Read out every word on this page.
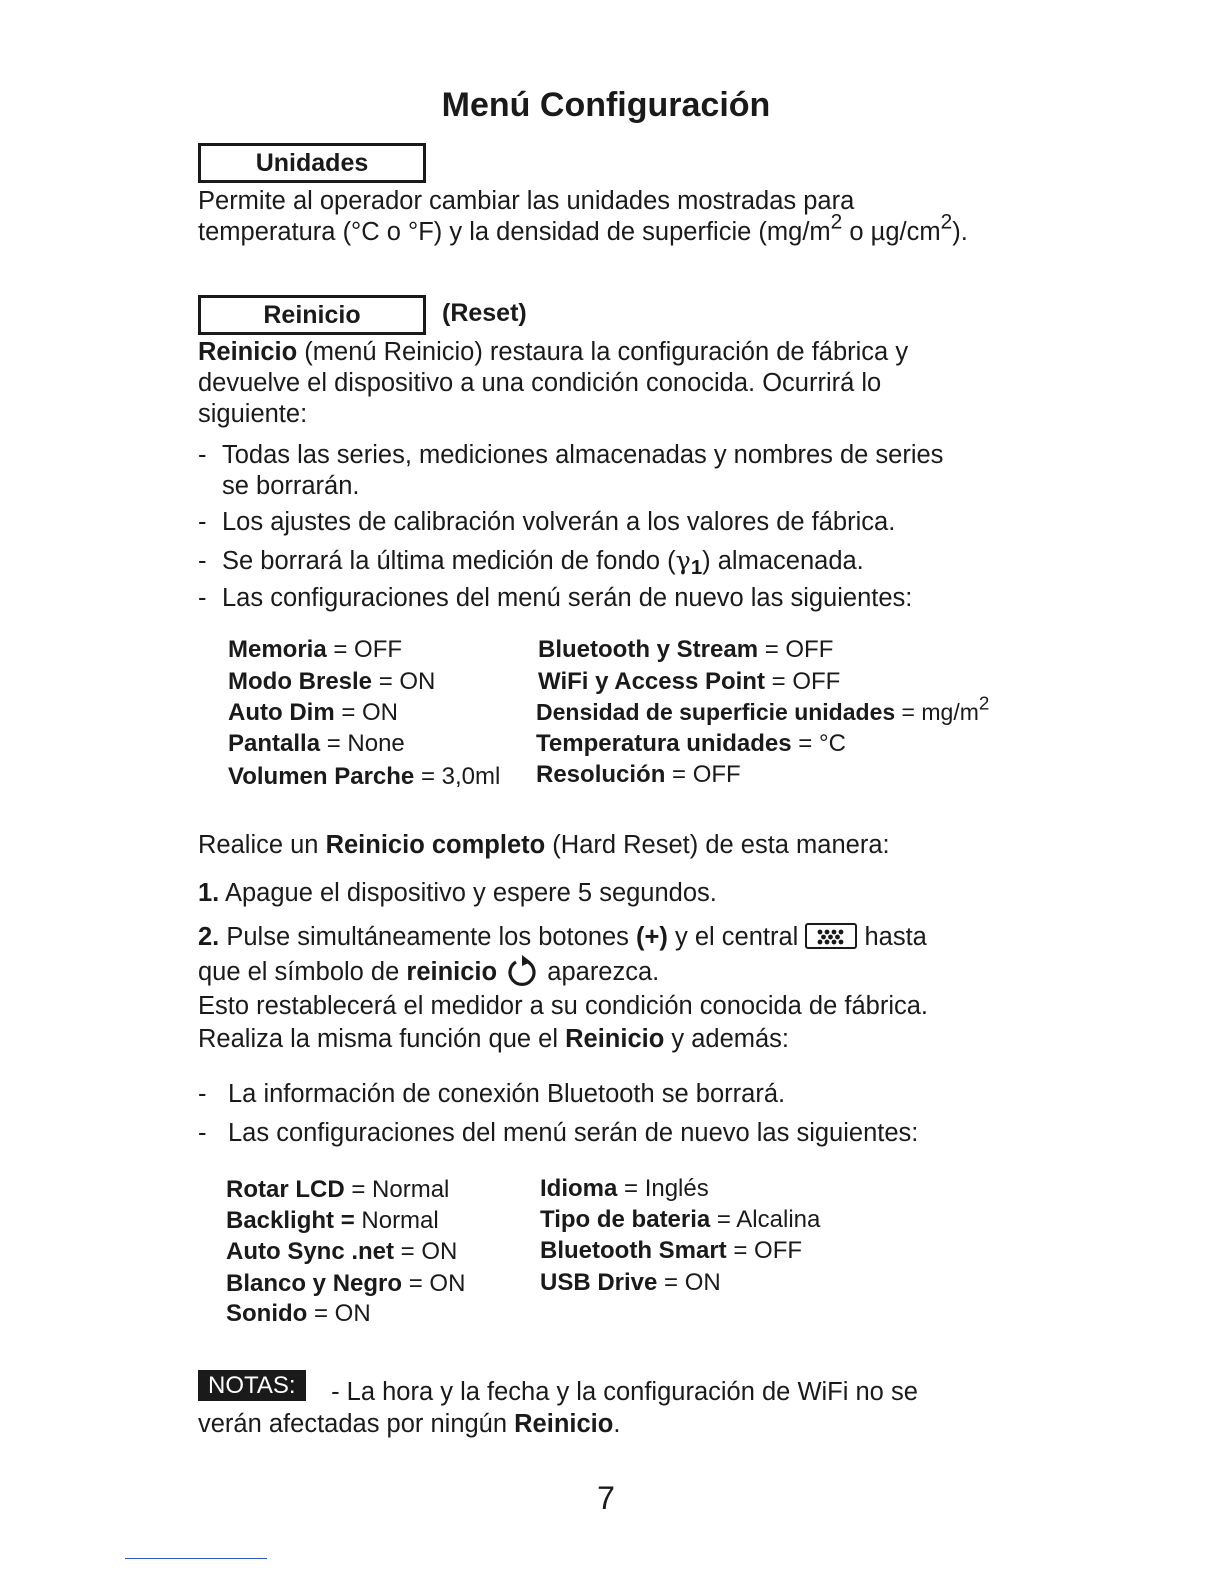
Menú Configuración
Unidades

Permite al operador cambiar las unidades mostradas para
temperatura (°C o °F) y la densidad de superficie ($mg/m^2$ o $\mu g/cm^2$).

Reinicio	(Reset)

Reinicio (menú Reinicio) restaura la configuración de fábrica y
devuelve el dispositivo a una condición conocida. Ocurrirá lo
siguiente:

- Todas las series, mediciones almacenadas y nombres de series
se borrarán.
- Los ajustes de calibración volverán a los valores de fábrica.
- Se borrará la última medición de fondo $(\gamma_1)$ almacenada.
- Las configuraciones del menú serán de nuevo las siguientes:
Memoria = OFF
Modo Bresle = ON
Auto Dim = ON
Pantalla = None
Volumen Parche = 3,0ml
Bluetooth y Stream = OFF
WiFi y Access Point = OFF
Densidad de superficie unidades = $mg/m^2$
Temperatura unidades = °C
Resolución = OFF

Realice un Reinicio completo (Hard Reset) de esta manera:

1. Apague el dispositivo y espere 5 segundos.

2. Pulse simultáneamente los botones (+) y el central
hasta
que el símbolo de reinicio  aparezca.
Esto restablecerá el medidor a su condición conocida de fábrica.
Realiza la misma función que el Reinicio y además:

- La información de conexión Bluetooth se borrará.
- Las configuraciones del menú serán de nuevo las siguientes:
Rotar LCD = Normal
Backlight = Normal
Auto Sync .net = ON
Blanco y Negro = ON
Sonido = ON
Idioma = Inglés
Tipo de bateria = Alcalina
Bluetooth Smart = OFF
USB Drive = ON
NOTAS:	- La hora y la fecha y la configuración de WiFi no se
verán afectadas por ningún Reinicio.
7
